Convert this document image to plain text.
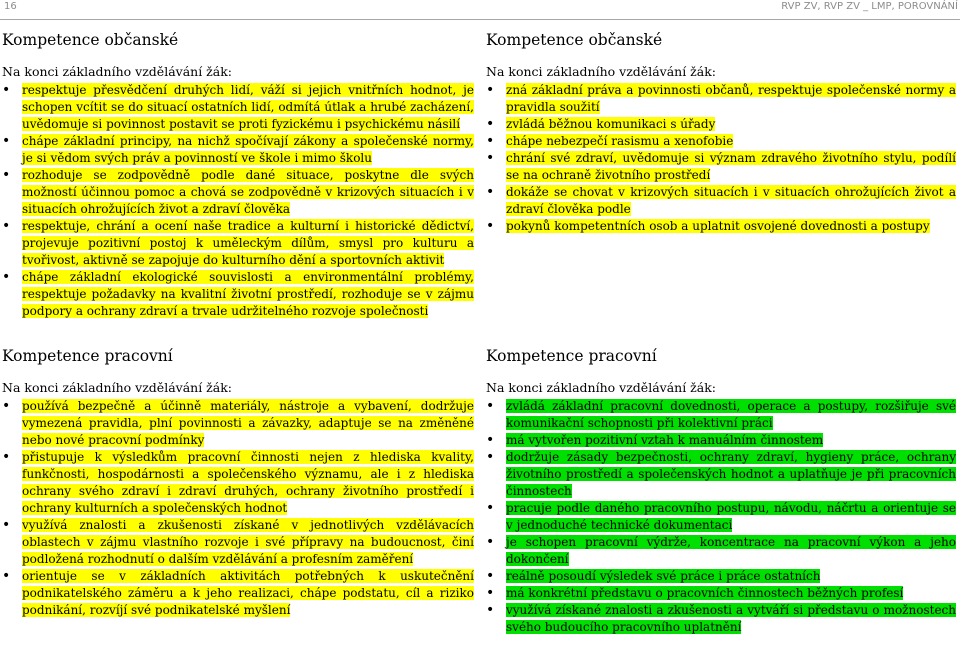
16	RVP ZV, RVP ZV _ LMP, POROVNÁNÍ
Kompetence občanské
Na konci základního vzdělávání žák:
• respektuje přesvědčení druhých lidí, váží si jejich vnitřních hodnot, je schopen vcítit se do situací ostatních lidí, odmítá útlak a hrubé zacházení, uvědomuje si povinnost postavit se proti fyzickému i psychickému násilí
• chápe základní principy, na nichž spočívají zákony a společenské normy, je si vědom svých práv a povinností ve škole i mimo školu
• rozhoduje se zodpovědně podle dané situace, poskytne dle svých možností účinnou pomoc a chová se zodpovědně v krizových situacích i v situacích ohrožujících život a zdraví člověka
• respektuje, chrání a ocení naše tradice a kulturní i historické dědictví, projevuje pozitivní postoj k uměleckým dílům, smysl pro kulturu a tvořivost, aktivně se zapojuje do kulturního dění a sportovních aktivit
• chápe základní ekologické souvislosti a environmentální problémy, respektuje požadavky na kvalitní životní prostředí, rozhoduje se v zájmu podpory a ochrany zdraví a trvale udržitelného rozvoje společnosti
Kompetence občanské
Na konci základního vzdělávání žák:
• zná základní práva a povinnosti občanů, respektuje společenské normy a pravidla soužití
• zvládá běžnou komunikaci s úřady
• chápe nebezpečí rasismu a xenofobie
• chrání své zdraví, uvědomuje si význam zdravého životního stylu, podílí se na ochraně životního prostředí
• dokáže se chovat v krizových situacích i v situacích ohrožujících život a zdraví člověka podle
• pokynů kompetentních osob a uplatnit osvojené dovednosti a postupy
Kompetence pracovní
Na konci základního vzdělávání žák:
• používá bezpečně a účinně materiály, nástroje a vybavení, dodržuje vymezená pravidla, plní povinnosti a závazky, adaptuje se na změněné nebo nové pracovní podmínky
• přistupuje k výsledkům pracovní činnosti nejen z hlediska kvality, funkčnosti, hospodárnosti a společenského významu, ale i z hlediska ochrany svého zdraví i zdraví druhých, ochrany životního prostředí i ochrany kulturních a společenských hodnot
• využívá znalosti a zkušenosti získané v jednotlivých vzdělávacích oblastech v zájmu vlastního rozvoje i své přípravy na budoucnost, činí podložená rozhodnutí o dalším vzdělávání a profesním zaměření
• orientuje se v základních aktivitách potřebných k uskutečnění podnikatelského záměru a k jeho realizaci, chápe podstatu, cíl a riziko podnikání, rozvíjí své podnikatelské myšlení
Kompetence pracovní
Na konci základního vzdělávání žák:
• zvládá základní pracovní dovednosti, operace a postupy, rozšiřuje své komunikační schopnosti při kolektivní práci
• má vytvořen pozitivní vztah k manuálním činnostem
• dodržuje zásady bezpečnosti, ochrany zdraví, hygieny práce, ochrany životního prostředí a společenských hodnot a uplatňuje je při pracovních činnostech
• pracuje podle daného pracovního postupu, návodu, náčrtu a orientuje se v jednoduché technické dokumentaci
• je schopen pracovní výdrže, koncentrace na pracovní výkon a jeho dokončení
• reálně posoudí výsledek své práce i práce ostatních
• má konkrétní představu o pracovních činnostech běžných profesí
• využívá získané znalosti a zkušenosti a vytváří si představu o možnostech svého budoucího pracovního uplatnění
